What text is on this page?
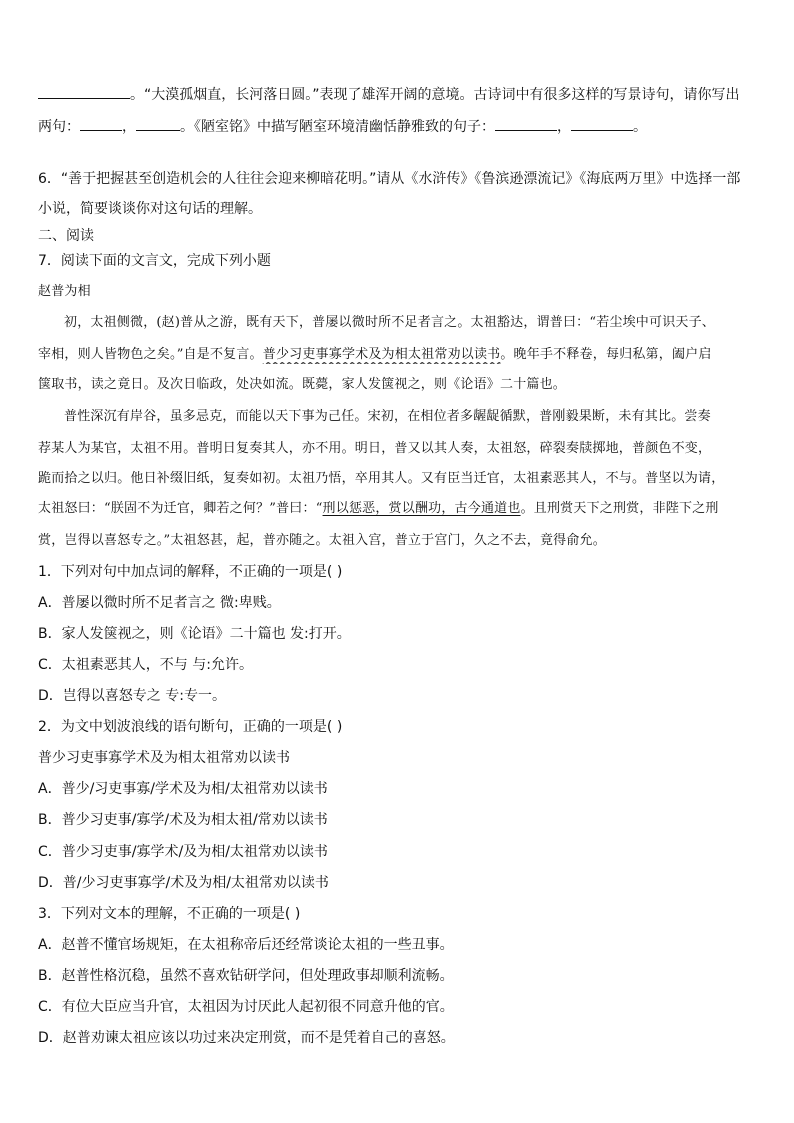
。“大漠孤烟直，长河落日圆。”表现了雄浑开阔的意境。古诗词中有很多这样的写景诗句，请你写出
两句：	，	。《陋室铭》中描写陋室环境清幽恬静雅致的句子：	，	。
6．“善于把握甚至创造机会的人往往会迎来柳暗花明。”请从《水浒传》《鲁滨逊漂流记》《海底两万里》中选择一部
小说，简要谈谈你对这句话的理解。
二、阅读
7．阅读下面的文言文，完成下列小题
赵普为相
初，太祖侧微，(赵)普从之游，既有天下，普屡以微时所不足者言之。太祖豁达，谓普曰：“若尘埃中可识天子、
宰相，则人皆物色之矣。”自是不复言。普少习吏事寡学术及为相太祖常劝以读书。晚年手不释卷，每归私第，阖户启
箧取书，读之竟日。及次日临政，处决如流。既薨，家人发箧视之，则《论语》二十篇也。
普性深沉有岸谷，虽多忌克，而能以天下事为己任。宋初，在相位者多龌龊循默，普刚毅果断，未有其比。尝奏
荐某人为某官，太祖不用。普明日复奏其人，亦不用。明日，普又以其人奏，太祖怒，碎裂奏牍掷地，普颜色不变，
跪而拾之以归。他日补缀旧纸，复奏如初。太祖乃悟，卒用其人。又有臣当迁官，太祖素恶其人，不与。普坚以为请，
太祖怒曰：“朕固不为迁官，卿若之何？”普曰：“刑以惩恶，赏以酬功，古今通道也。且刑赏天下之刑赏，非陛下之刑
赏，岂得以喜怒专之。”太祖怒甚，起，普亦随之。太祖入宫，普立于宫门，久之不去，竟得俞允。
1．下列对句中加点词的解释，不正确的一项是( )
A．普屡以微时所不足者言之 微:卑贱。
B．家人发箧视之，则《论语》二十篇也 发:打开。
C．太祖素恶其人，不与 与:允许。
D．岂得以喜怒专之 专:专一。
2．为文中划波浪线的语句断句，正确的一项是( )
普少习吏事寡学术及为相太祖常劝以读书
A．普少/习吏事寡/学术及为相/太祖常劝以读书
B．普少习吏事/寡学/术及为相太祖/常劝以读书
C．普少习吏事/寡学术/及为相/太祖常劝以读书
D．普/少习吏事寡学/术及为相/太祖常劝以读书
3．下列对文本的理解，不正确的一项是( )
A．赵普不懂官场规矩，在太祖称帝后还经常谈论太祖的一些丑事。
B．赵普性格沉稳，虽然不喜欢钻研学问，但处理政事却顺利流畅。
C．有位大臣应当升官，太祖因为讨厌此人起初很不同意升他的官。
D．赵普劝谏太祖应该以功过来决定刑赏，而不是凭着自己的喜怒。
